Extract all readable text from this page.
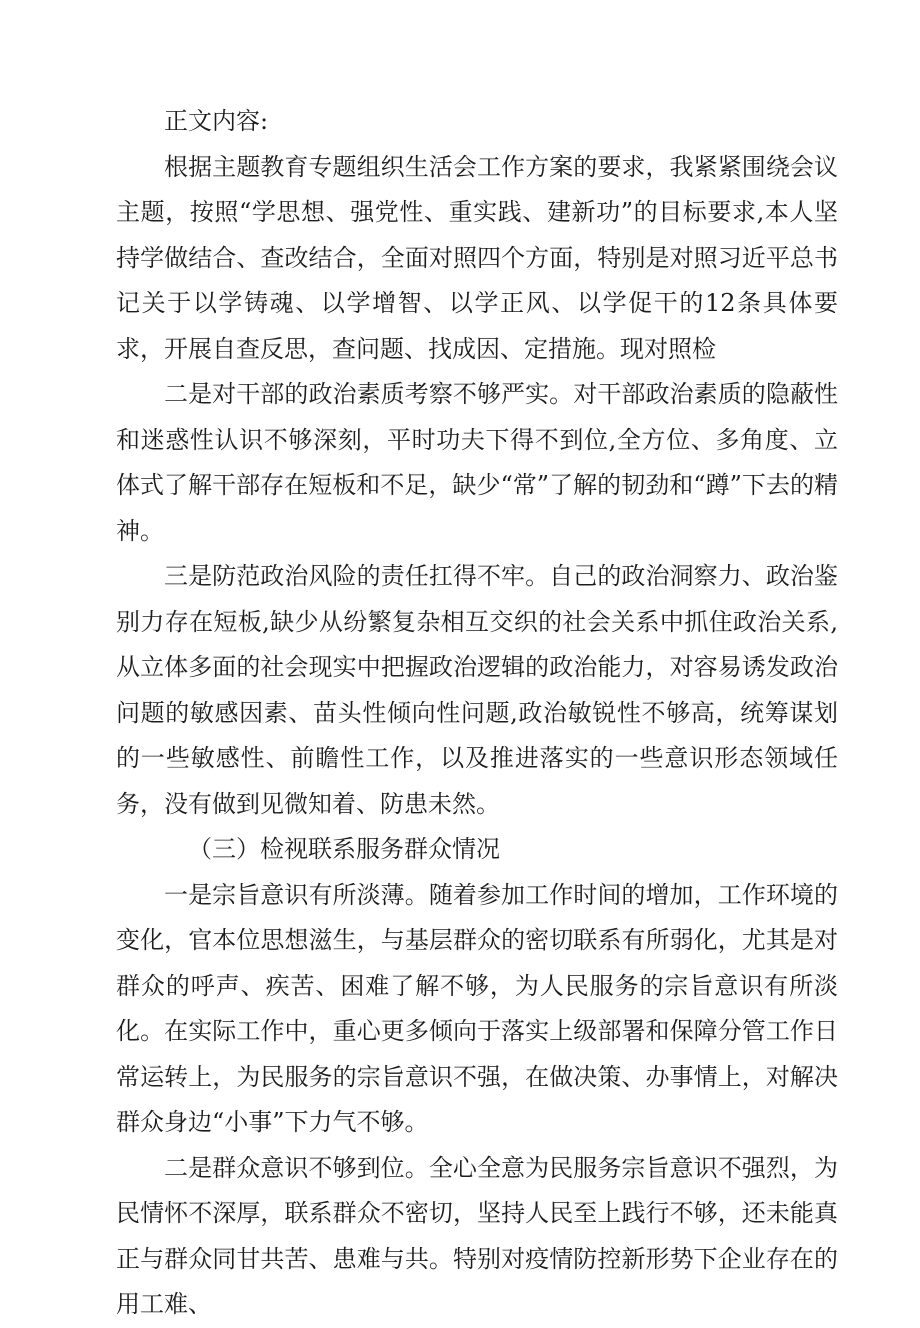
正文内容:

根据主题教育专题组织生活会工作方案的要求，我紧紧围绕会议主题，按照“学思想、强党性、重实践、建新功”的目标要求,本人坚持学做结合、查改结合，全面对照四个方面，特别是对照习近平总书记关于以学铸魂、以学增智、以学正风、以学促干的12条具体要求，开展自查反思，查问题、找成因、定措施。现对照检

二是对干部的政治素质考察不够严实。对干部政治素质的隐蔽性和迷惑性认识不够深刻，平时功夫下得不到位,全方位、多角度、立体式了解干部存在短板和不足，缺少“常”了解的韧劲和“蹲”下去的精神。

三是防范政治风险的责任扛得不牢。自己的政治洞察力、政治鉴别力存在短板,缺少从纷繁复杂相互交织的社会关系中抓住政治关系,从立体多面的社会现实中把握政治逻辑的政治能力，对容易诱发政治问题的敏感因素、苗头性倾向性问题,政治敏锐性不够高，统筹谋划的一些敏感性、前瞻性工作，以及推进落实的一些意识形态领域任务，没有做到见微知着、防患未然。

（三）检视联系服务群众情况

一是宗旨意识有所淡薄。随着参加工作时间的增加，工作环境的变化，官本位思想滋生，与基层群众的密切联系有所弱化，尤其是对群众的呼声、疾苦、困难了解不够，为人民服务的宗旨意识有所淡化。在实际工作中，重心更多倾向于落实上级部署和保障分管工作日常运转上，为民服务的宗旨意识不强，在做决策、办事情上，对解决群众身边“小事”下力气不够。

二是群众意识不够到位。全心全意为民服务宗旨意识不强烈，为民情怀不深厚，联系群众不密切，坚持人民至上践行不够，还未能真正与群众同甘共苦、患难与共。特别对疫情防控新形势下企业存在的用工难、
